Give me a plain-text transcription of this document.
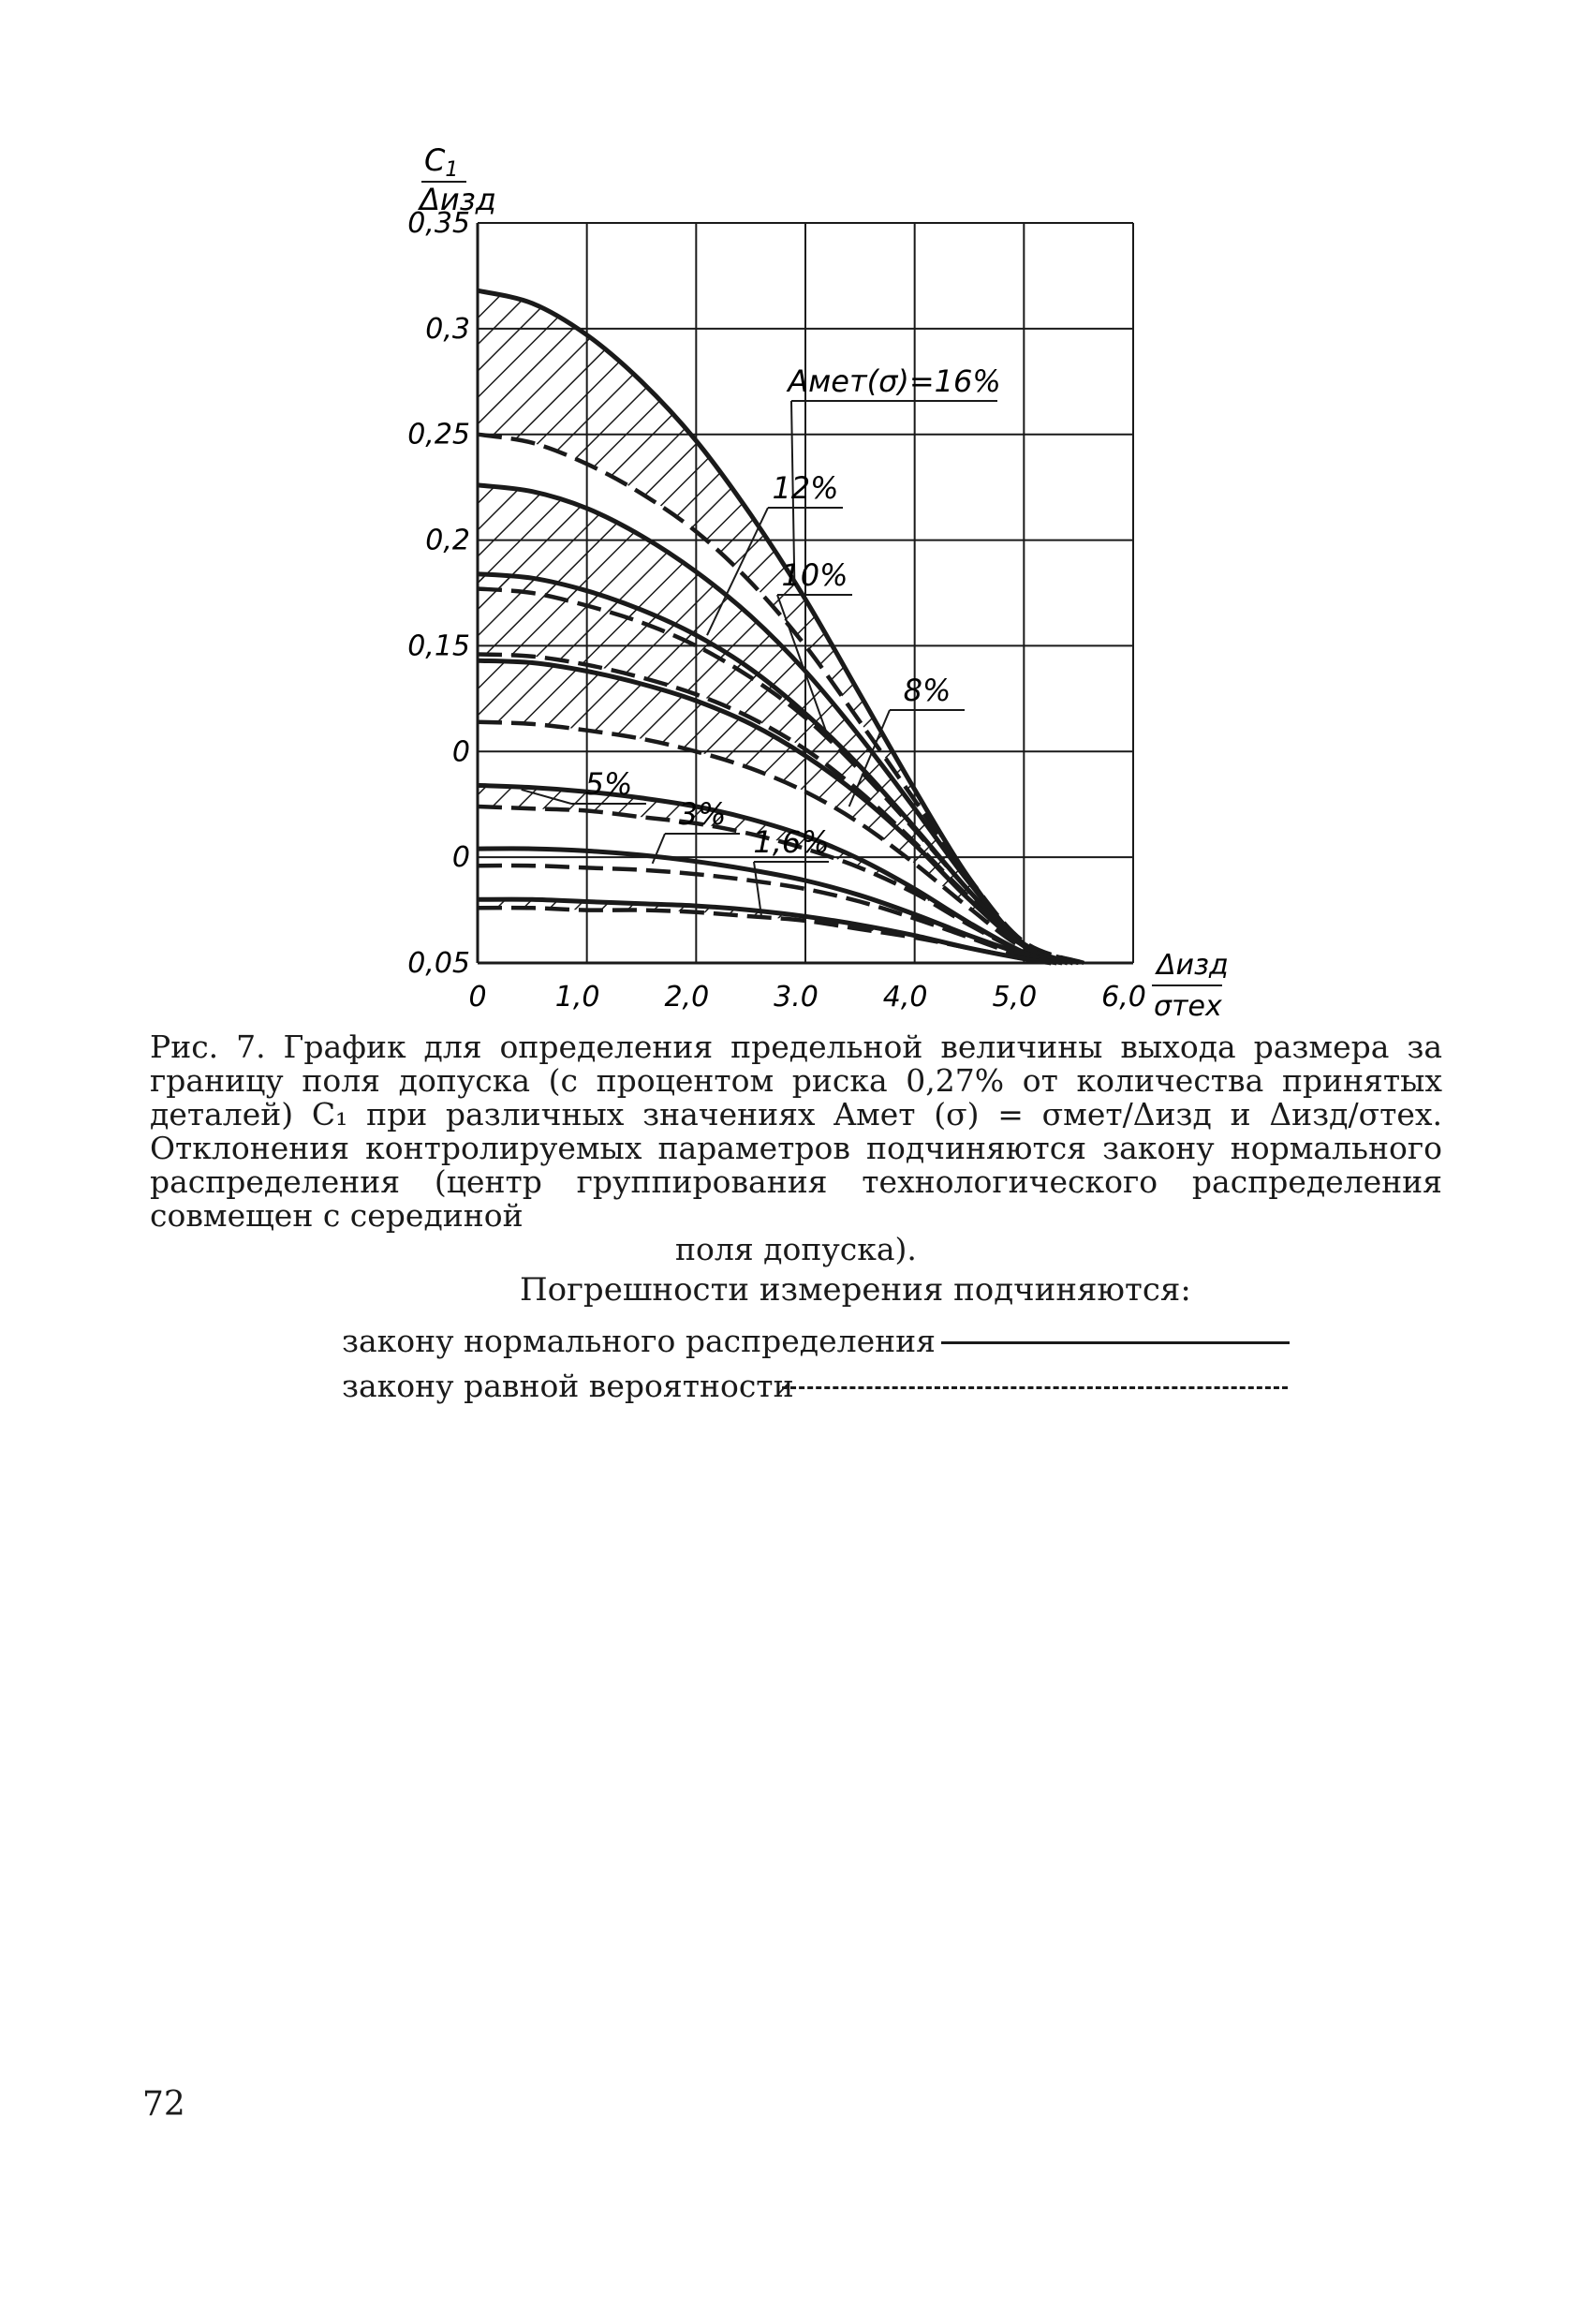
Aмет(σ)=16%
12%
10%
8%
5%
3%
1,6%
0,35
0,3
0,25
0,2
0,15
0
0
0,05
0 1,0 2,0 3.0 4,0 5,0 6,0
C1
Δизд
Δизд
σтех
Рис. 7. График для определения предельной величины выхода размера за границу поля допуска (с процентом риска 0,27% от количества принятых деталей) C₁ при различных значениях Aмет (σ) = σмет/Δизд и Δизд/σтех. Отклонения контролируемых параметров подчиняются закону нормального распределения (центр группирования технологического распределения совмещен с серединой
поля допуска).
Погрешности измерения подчиняются:
закону нормального распределения
закону равной вероятности
72
